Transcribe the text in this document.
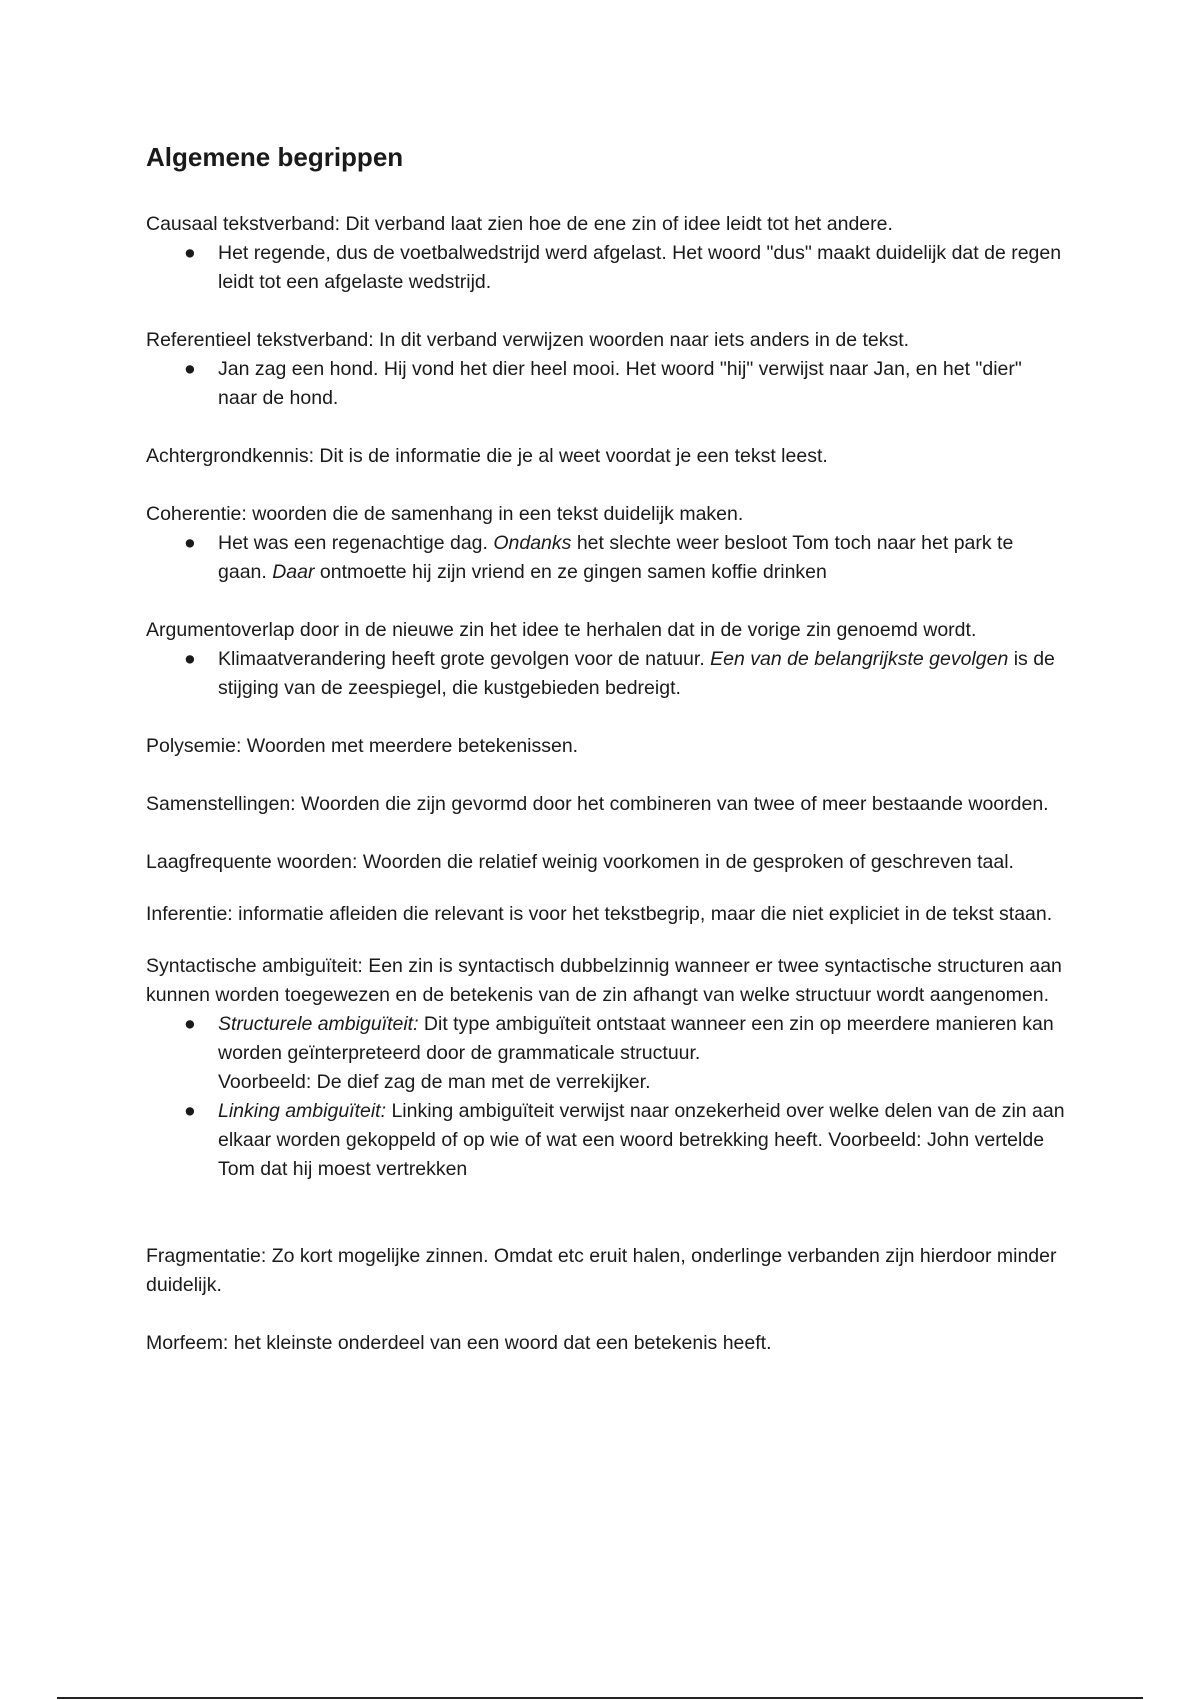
Algemene begrippen

Causaal tekstverband: Dit verband laat zien hoe de ene zin of idee leidt tot het andere.

● Het regende, dus de voetbalwedstrijd werd afgelast. Het woord "dus" maakt duidelijk dat de regen leidt tot een afgelaste wedstrijd.

Referentieel tekstverband: In dit verband verwijzen woorden naar iets anders in de tekst.

● Jan zag een hond. Hij vond het dier heel mooi. Het woord "hij" verwijst naar Jan, en het "dier" naar de hond.

Achtergrondkennis: Dit is de informatie die je al weet voordat je een tekst leest.

Coherentie: woorden die de samenhang in een tekst duidelijk maken.

● Het was een regenachtige dag. Ondanks het slechte weer besloot Tom toch naar het park te gaan. Daar ontmoette hij zijn vriend en ze gingen samen koffie drinken

Argumentoverlap door in de nieuwe zin het idee te herhalen dat in de vorige zin genoemd wordt.

● Klimaatverandering heeft grote gevolgen voor de natuur. Een van de belangrijkste gevolgen is de stijging van de zeespiegel, die kustgebieden bedreigt.

Polysemie: Woorden met meerdere betekenissen.

Samenstellingen: Woorden die zijn gevormd door het combineren van twee of meer bestaande woorden.

Laagfrequente woorden: Woorden die relatief weinig voorkomen in de gesproken of geschreven taal.

Inferentie: informatie afleiden die relevant is voor het tekstbegrip, maar die niet expliciet in de tekst staan.

Syntactische ambiguïteit: Een zin is syntactisch dubbelzinnig wanneer er twee syntactische structuren aan kunnen worden toegewezen en de betekenis van de zin afhangt van welke structuur wordt aangenomen.

● Structurele ambiguïteit: Dit type ambiguïteit ontstaat wanneer een zin op meerdere manieren kan worden geïnterpreteerd door de grammaticale structuur.
Voorbeeld: De dief zag de man met de verrekijker.
● Linking ambiguïteit: Linking ambiguïteit verwijst naar onzekerheid over welke delen van de zin aan elkaar worden gekoppeld of op wie of wat een woord betrekking heeft. Voorbeeld: John vertelde Tom dat hij moest vertrekken

Fragmentatie: Zo kort mogelijke zinnen. Omdat etc eruit halen, onderlinge verbanden zijn hierdoor minder duidelijk.

Morfeem: het kleinste onderdeel van een woord dat een betekenis heeft.
